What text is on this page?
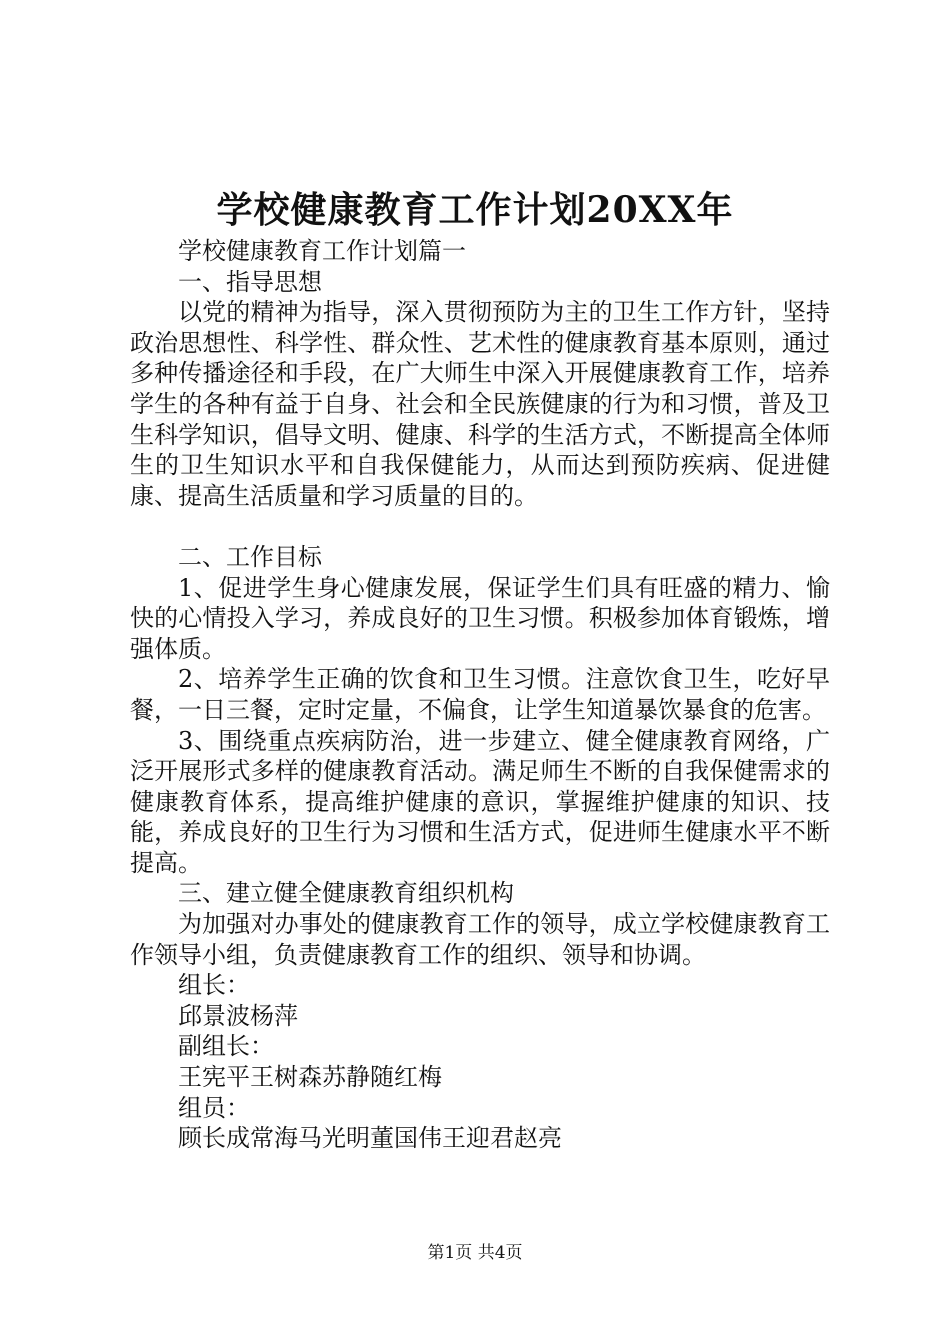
学校健康教育工作计划20XX年

学校健康教育工作计划篇一

一、指导思想

以党的精神为指导，深入贯彻预防为主的卫生工作方针，坚持政治思想性、科学性、群众性、艺术性的健康教育基本原则，通过多种传播途径和手段，在广大师生中深入开展健康教育工作，培养学生的各种有益于自身、社会和全民族健康的行为和习惯，普及卫生科学知识，倡导文明、健康、科学的生活方式，不断提高全体师生的卫生知识水平和自我保健能力，从而达到预防疾病、促进健康、提高生活质量和学习质量的目的。

二、工作目标

1、促进学生身心健康发展，保证学生们具有旺盛的精力、愉快的心情投入学习，养成良好的卫生习惯。积极参加体育锻炼，增强体质。

2、培养学生正确的饮食和卫生习惯。注意饮食卫生，吃好早餐，一日三餐，定时定量，不偏食，让学生知道暴饮暴食的危害。

3、围绕重点疾病防治，进一步建立、健全健康教育网络，广泛开展形式多样的健康教育活动。满足师生不断的自我保健需求的健康教育体系，提高维护健康的意识，掌握维护健康的知识、技能，养成良好的卫生行为习惯和生活方式，促进师生健康水平不断提高。

三、建立健全健康教育组织机构

为加强对办事处的健康教育工作的领导，成立学校健康教育工作领导小组，负责健康教育工作的组织、领导和协调。

组长：

邱景波杨萍

副组长：

王宪平王树森苏静随红梅

组员：

顾长成常海马光明董国伟王迎君赵亮

第1页 共4页
